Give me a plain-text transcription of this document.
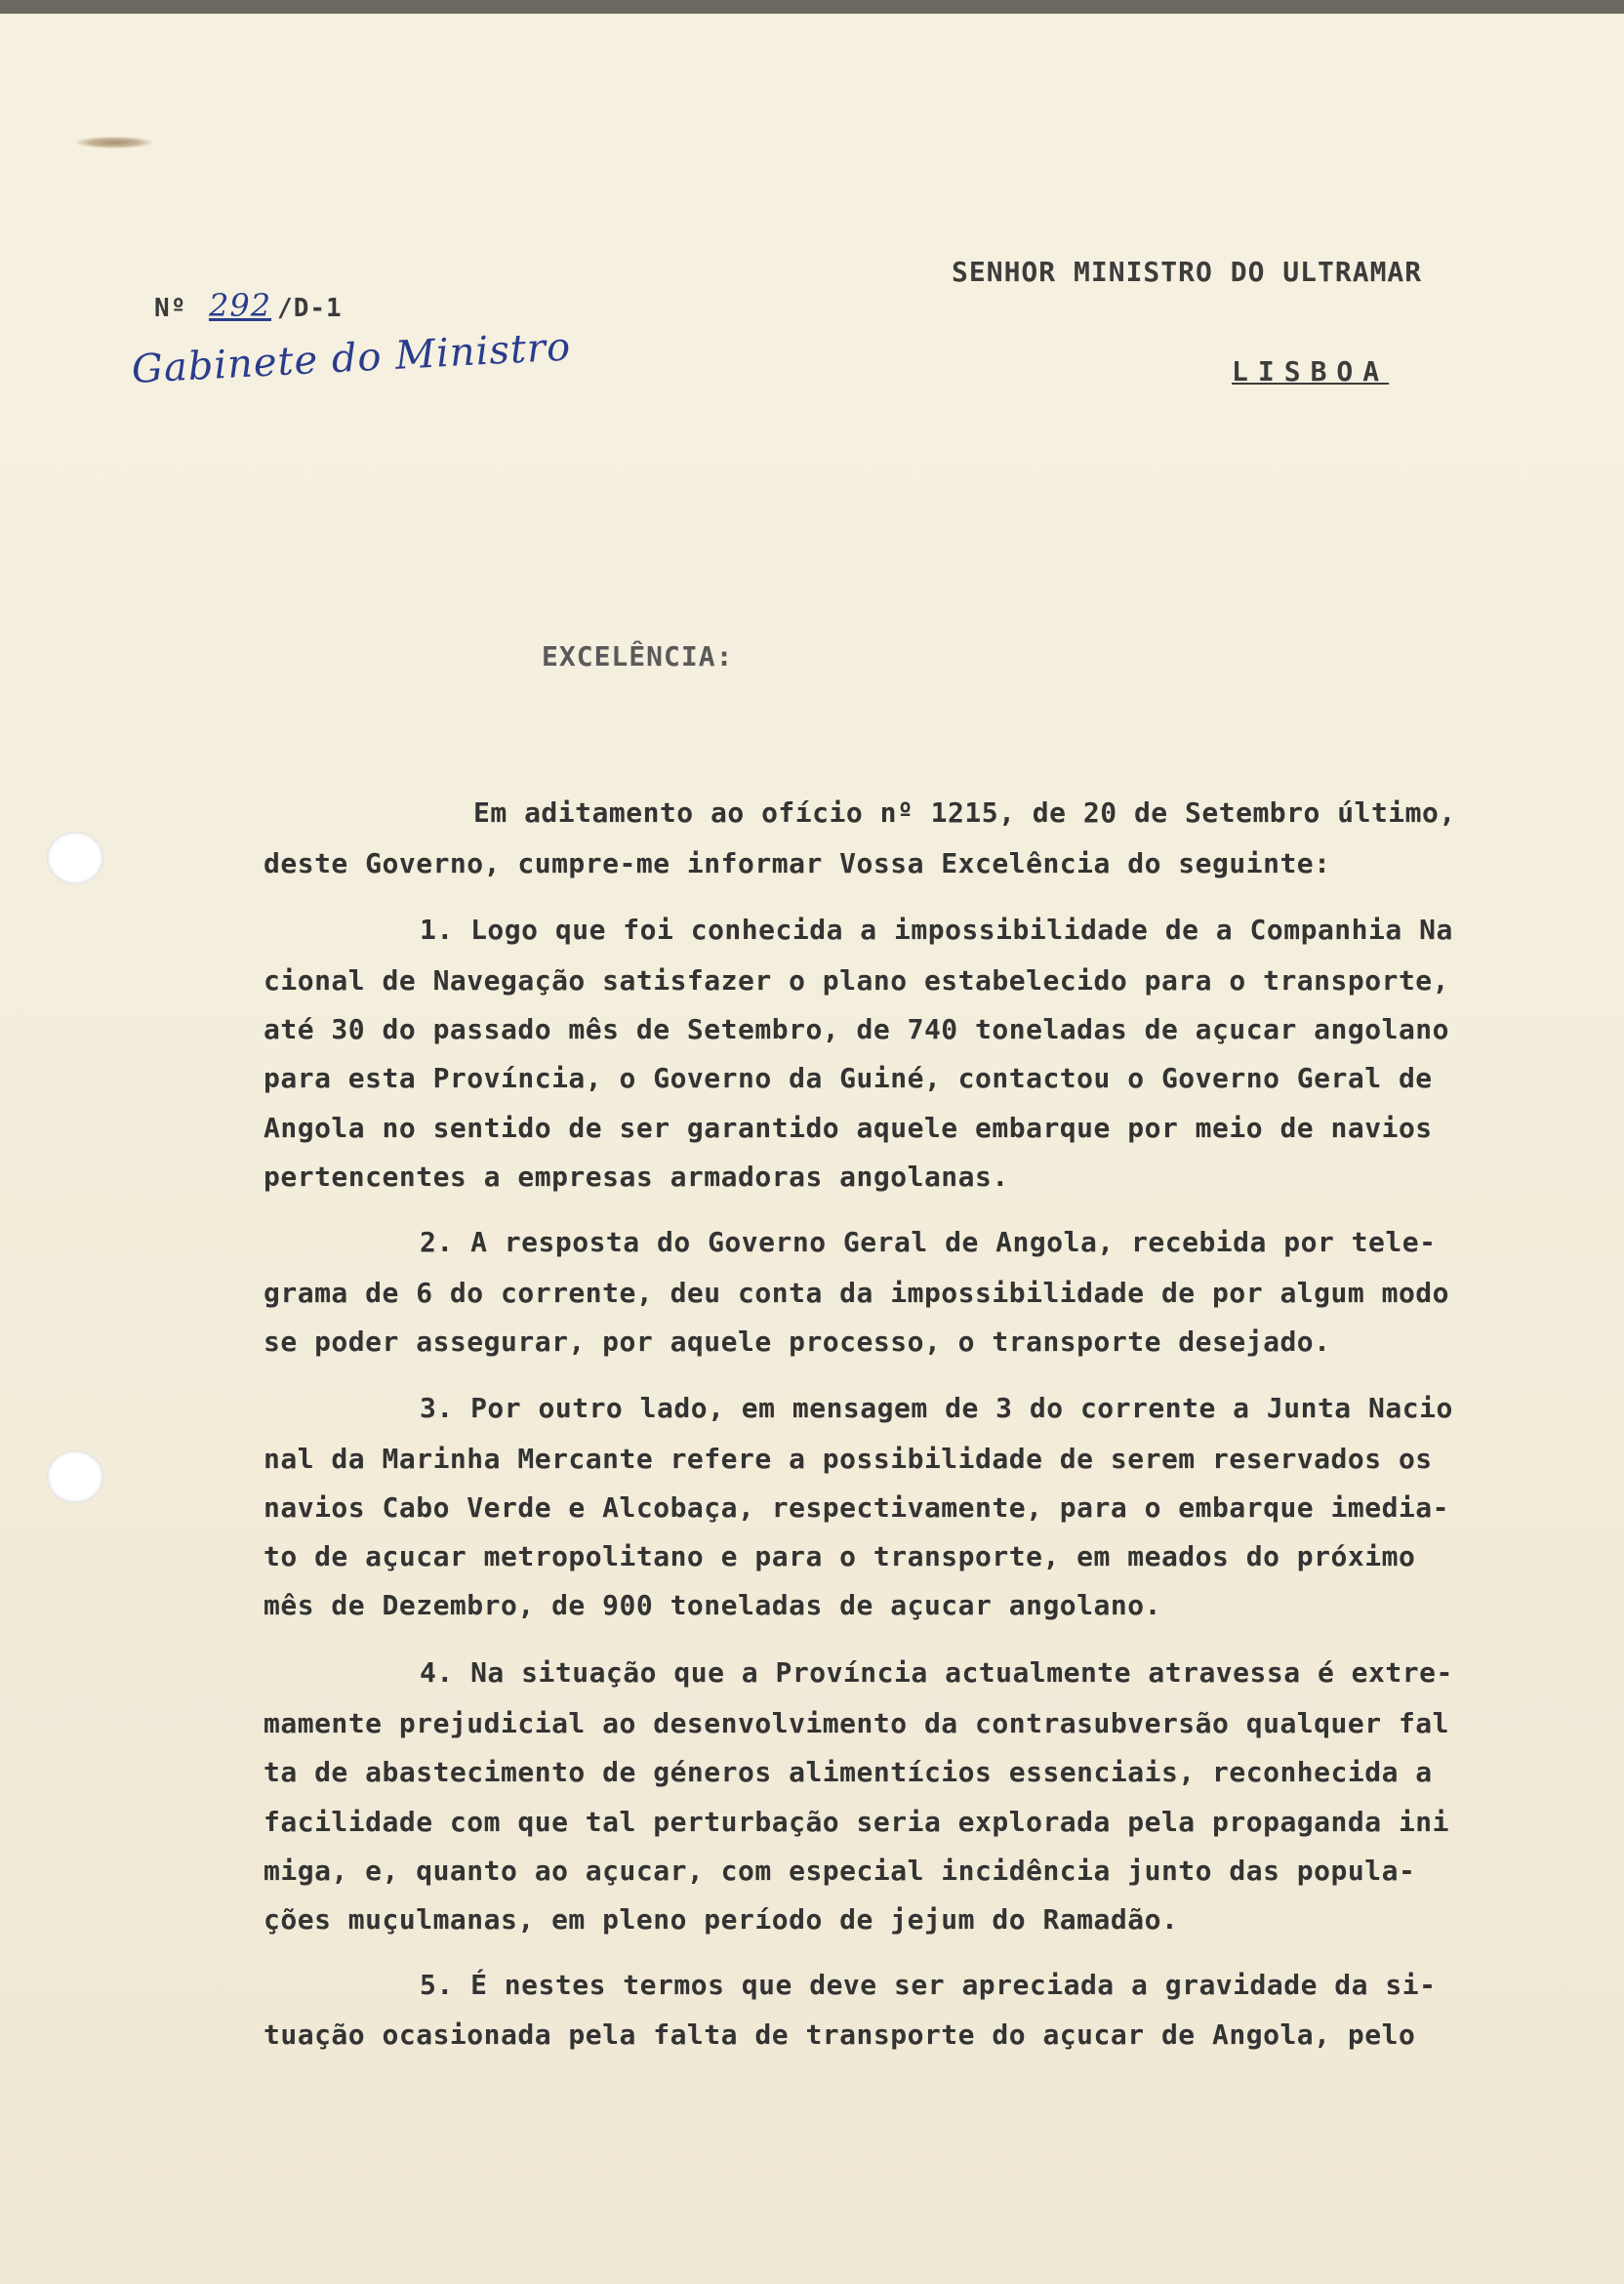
Nº 292 /D-1
Gabinete do Ministro
SENHOR MINISTRO DO ULTRAMAR
LISBOA
EXCELÊNCIA:
Em aditamento ao ofício nº 1215, de 20 de Setembro último,
deste Governo, cumpre-me informar Vossa Excelência do seguinte:
1. Logo que foi conhecida a impossibilidade de a Companhia Na
cional de Navegação satisfazer o plano estabelecido para o transporte,
até 30 do passado mês de Setembro, de 740 toneladas de açucar angolano
para esta Província, o Governo da Guiné, contactou o Governo Geral de
Angola no sentido de ser garantido aquele embarque por meio de navios
pertencentes a empresas armadoras angolanas.
2. A resposta do Governo Geral de Angola, recebida por tele-
grama de 6 do corrente, deu conta da impossibilidade de por algum modo
se poder assegurar, por aquele processo, o transporte desejado.
3. Por outro lado, em mensagem de 3 do corrente a Junta Nacio
nal da Marinha Mercante refere a possibilidade de serem reservados os
navios Cabo Verde e Alcobaça, respectivamente, para o embarque imedia-
to de açucar metropolitano e para o transporte, em meados do próximo
mês de Dezembro, de 900 toneladas de açucar angolano.
4. Na situação que a Província actualmente atravessa é extre-
mamente prejudicial ao desenvolvimento da contrasubversão qualquer fal
ta de abastecimento de géneros alimentícios essenciais, reconhecida a
facilidade com que tal perturbação seria explorada pela propaganda ini
miga, e, quanto ao açucar, com especial incidência junto das popula-
ções muçulmanas, em pleno período de jejum do Ramadão.
5. É nestes termos que deve ser apreciada a gravidade da si-
tuação ocasionada pela falta de transporte do açucar de Angola, pelo
